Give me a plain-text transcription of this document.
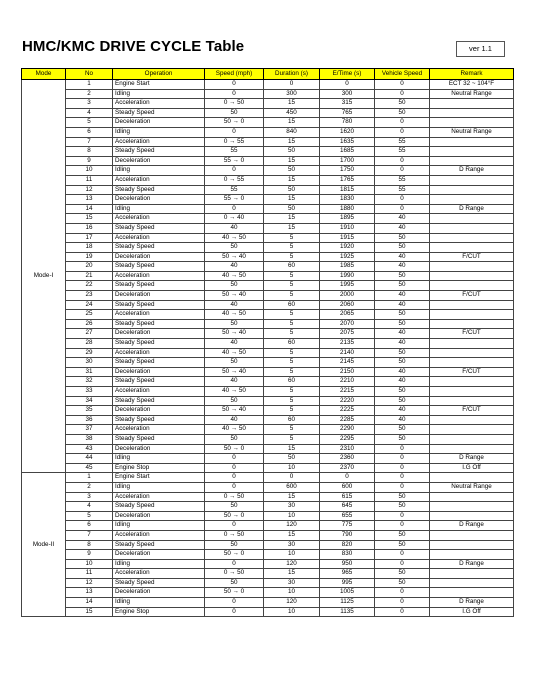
HMC/KMC DRIVE CYCLE Table	ver 1.1
Mode	No	Operation	Speed (mph)	Duration (s)	E/Time (s)	Vehicle Speed	Remark
Mode-I	1	Engine Start	0	0	0	0	ECT 32 ~ 104°F
	2	Idling	0	300	300	0	Neutral Range
	3	Acceleration	0 → 50	15	315	50	
	4	Steady Speed	50	450	765	50	
	5	Deceleration	50 → 0	15	780	0	
	6	Idling	0	840	1620	0	Neutral Range
	7	Acceleration	0 → 55	15	1635	55	
	8	Steady Speed	55	50	1685	55	
	9	Deceleration	55 → 0	15	1700	0	
	10	Idling	0	50	1750	0	D Range
	11	Acceleration	0 → 55	15	1765	55	
	12	Steady Speed	55	50	1815	55	
	13	Deceleration	55 → 0	15	1830	0	
	14	Idling	0	50	1880	0	D Range
	15	Acceleration	0 → 40	15	1895	40	
	16	Steady Speed	40	15	1910	40	
	17	Acceleration	40 → 50	5	1915	50	
	18	Steady Speed	50	5	1920	50	
	19	Deceleration	50 → 40	5	1925	40	F/CUT
	20	Steady Speed	40	60	1985	40	
	21	Acceleration	40 → 50	5	1990	50	
	22	Steady Speed	50	5	1995	50	
	23	Deceleration	50 → 40	5	2000	40	F/CUT
	24	Steady Speed	40	60	2060	40	
	25	Acceleration	40 → 50	5	2065	50	
	26	Steady Speed	50	5	2070	50	
	27	Deceleration	50 → 40	5	2075	40	F/CUT
	28	Steady Speed	40	60	2135	40	
	29	Acceleration	40 → 50	5	2140	50	
	30	Steady Speed	50	5	2145	50	
	31	Deceleration	50 → 40	5	2150	40	F/CUT
	32	Steady Speed	40	60	2210	40	
	33	Acceleration	40 → 50	5	2215	50	
	34	Steady Speed	50	5	2220	50	
	35	Deceleration	50 → 40	5	2225	40	F/CUT
	36	Steady Speed	40	60	2285	40	
	37	Acceleration	40 → 50	5	2290	50	
	38	Steady Speed	50	5	2295	50	
	43	Deceleration	50 → 0	15	2310	0	
	44	Idling	0	50	2360	0	D Range
	45	Engine Stop	0	10	2370	0	I.G Off
Mode-II	1	Engine Start	0	0	0	0	
	2	Idling	0	600	600	0	Neutral Range
	3	Acceleration	0 → 50	15	615	50	
	4	Steady Speed	50	30	645	50	
	5	Deceleration	50 → 0	10	655	0	
	6	Idling	0	120	775	0	D Range
	7	Acceleration	0 → 50	15	790	50	
	8	Steady Speed	50	30	820	50	
	9	Deceleration	50 → 0	10	830	0	
	10	Idling	0	120	950	0	D Range
	11	Acceleration	0 → 50	15	965	50	
	12	Steady Speed	50	30	995	50	
	13	Deceleration	50 → 0	10	1005	0	
	14	Idling	0	120	1125	0	D Range
	15	Engine Stop	0	10	1135	0	I.G Off
